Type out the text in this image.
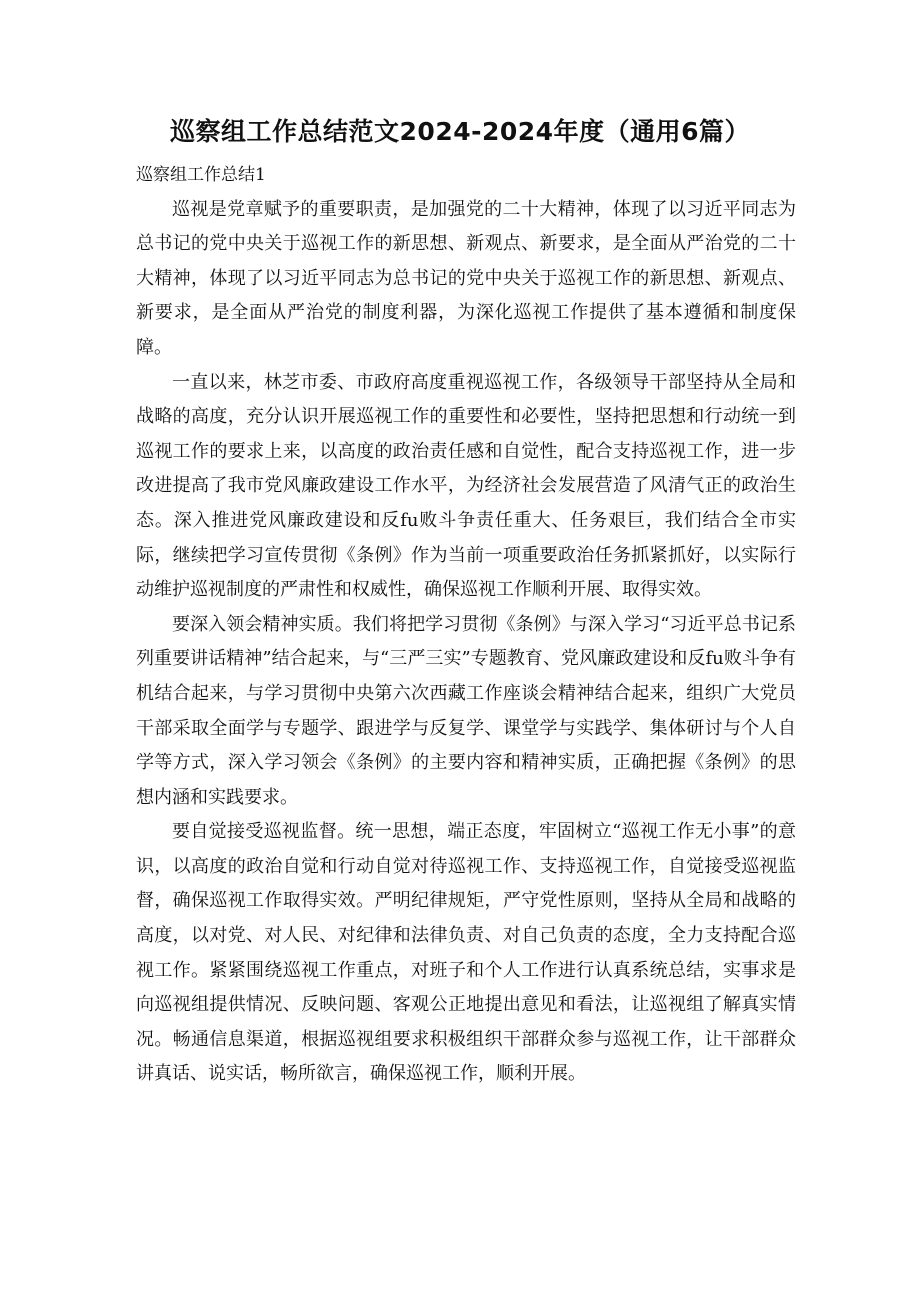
巡察组工作总结范文2024-2024年度（通用6篇）

巡察组工作总结1

巡视是党章赋予的重要职责，是加强党的二十大精神，体现了以习近平同志为总书记的党中央关于巡视工作的新思想、新观点、新要求，是全面从严治党的二十大精神，体现了以习近平同志为总书记的党中央关于巡视工作的新思想、新观点、新要求，是全面从严治党的制度利器，为深化巡视工作提供了基本遵循和制度保障。

一直以来，林芝市委、市政府高度重视巡视工作，各级领导干部坚持从全局和战略的高度，充分认识开展巡视工作的重要性和必要性，坚持把思想和行动统一到巡视工作的要求上来，以高度的政治责任感和自觉性，配合支持巡视工作，进一步改进提高了我市党风廉政建设工作水平，为经济社会发展营造了风清气正的政治生态。深入推进党风廉政建设和反fu败斗争责任重大、任务艰巨，我们结合全市实际，继续把学习宣传贯彻《条例》作为当前一项重要政治任务抓紧抓好，以实际行动维护巡视制度的严肃性和权威性，确保巡视工作顺利开展、取得实效。

要深入领会精神实质。我们将把学习贯彻《条例》与深入学习“习近平总书记系列重要讲话精神”结合起来，与“三严三实”专题教育、党风廉政建设和反fu败斗争有机结合起来，与学习贯彻中央第六次西藏工作座谈会精神结合起来，组织广大党员干部采取全面学与专题学、跟进学与反复学、课堂学与实践学、集体研讨与个人自学等方式，深入学习领会《条例》的主要内容和精神实质，正确把握《条例》的思想内涵和实践要求。

要自觉接受巡视监督。统一思想，端正态度，牢固树立“巡视工作无小事”的意识，以高度的政治自觉和行动自觉对待巡视工作、支持巡视工作，自觉接受巡视监督，确保巡视工作取得实效。严明纪律规矩，严守党性原则，坚持从全局和战略的高度，以对党、对人民、对纪律和法律负责、对自己负责的态度，全力支持配合巡视工作。紧紧围绕巡视工作重点，对班子和个人工作进行认真系统总结，实事求是向巡视组提供情况、反映问题、客观公正地提出意见和看法，让巡视组了解真实情况。畅通信息渠道，根据巡视组要求积极组织干部群众参与巡视工作，让干部群众讲真话、说实话，畅所欲言，确保巡视工作，顺利开展。
